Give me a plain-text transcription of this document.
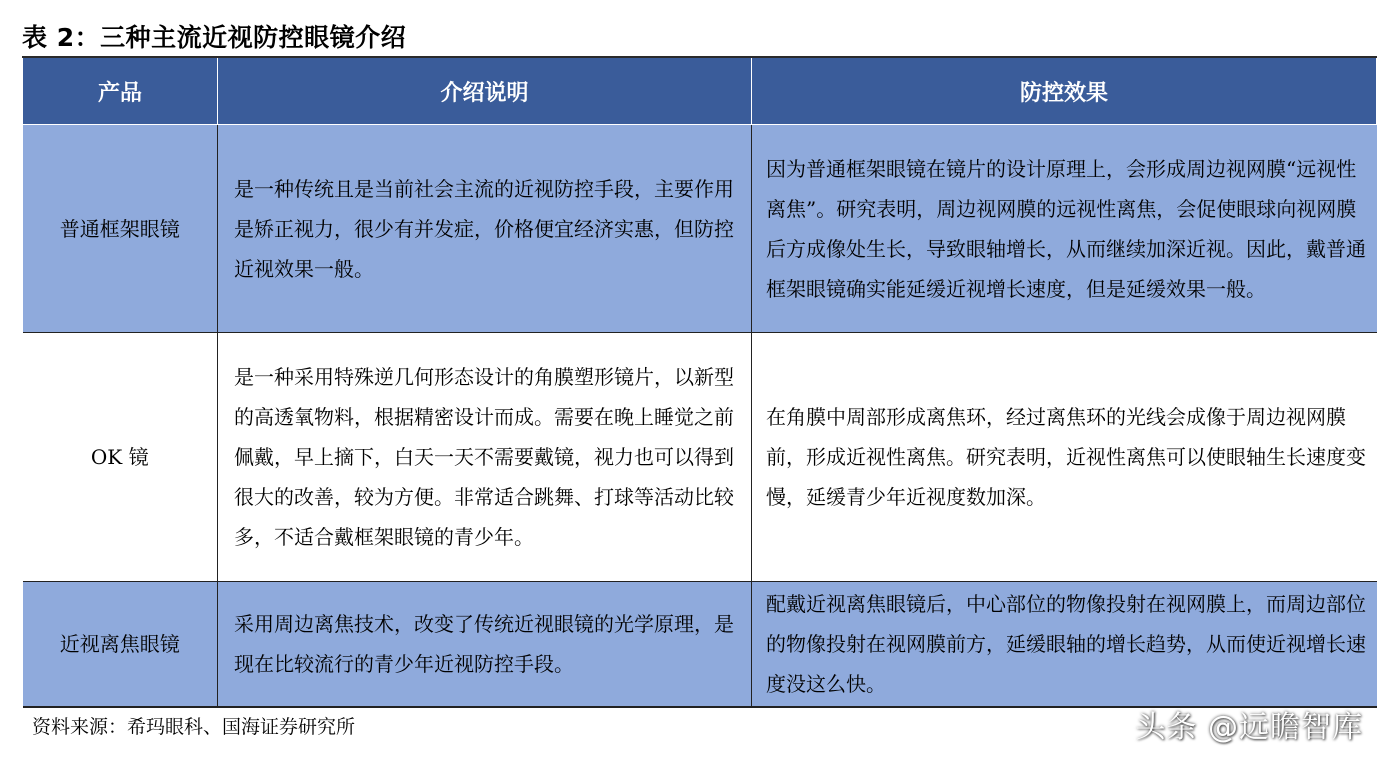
表 2：三种主流近视防控眼镜介绍
产品	介绍说明	防控效果
普通框架眼镜	是一种传统且是当前社会主流的近视防控手段，主要作用是矫正视力，很少有并发症，价格便宜经济实惠，但防控近视效果一般。	因为普通框架眼镜在镜片的设计原理上，会形成周边视网膜“远视性离焦”。研究表明，周边视网膜的远视性离焦，会促使眼球向视网膜后方成像处生长，导致眼轴增长，从而继续加深近视。因此，戴普通框架眼镜确实能延缓近视增长速度，但是延缓效果一般。
OK 镜	是一种采用特殊逆几何形态设计的角膜塑形镜片，以新型的高透氧物料，根据精密设计而成。需要在晚上睡觉之前佩戴，早上摘下，白天一天不需要戴镜，视力也可以得到很大的改善，较为方便。非常适合跳舞、打球等活动比较多，不适合戴框架眼镜的青少年。	在角膜中周部形成离焦环，经过离焦环的光线会成像于周边视网膜前，形成近视性离焦。研究表明，近视性离焦可以使眼轴生长速度变慢，延缓青少年近视度数加深。
近视离焦眼镜	采用周边离焦技术，改变了传统近视眼镜的光学原理，是现在比较流行的青少年近视防控手段。	配戴近视离焦眼镜后，中心部位的物像投射在视网膜上，而周边部位的物像投射在视网膜前方，延缓眼轴的增长趋势，从而使近视增长速度没这么快。
资料来源：希玛眼科、国海证券研究所	头条 @远瞻智库
